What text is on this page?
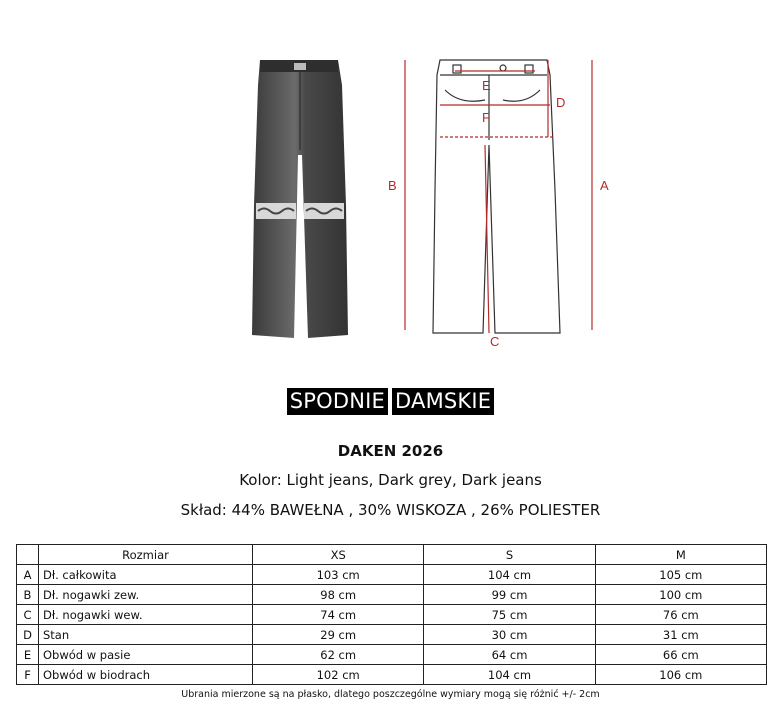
E
F
D
B	A
C
SPODNIE DAMSKIE
DAKEN 2026
Kolor: Light jeans, Dark grey, Dark jeans
Skład: 44% BAWEŁNA , 30% WISKOZA , 26% POLIESTER
	Rozmiar	XS	S	M
A	Dł. całkowita	103 cm	104 cm	105 cm
B	Dł. nogawki zew.	98 cm	99 cm	100 cm
C	Dł. nogawki wew.	74 cm	75 cm	76 cm
D	Stan	29 cm	30 cm	31 cm
E	Obwód w pasie	62 cm	64 cm	66 cm
F	Obwód w biodrach	102 cm	104 cm	106 cm
Ubrania mierzone są na płasko, dlatego poszczególne wymiary mogą się różnić +/- 2cm
